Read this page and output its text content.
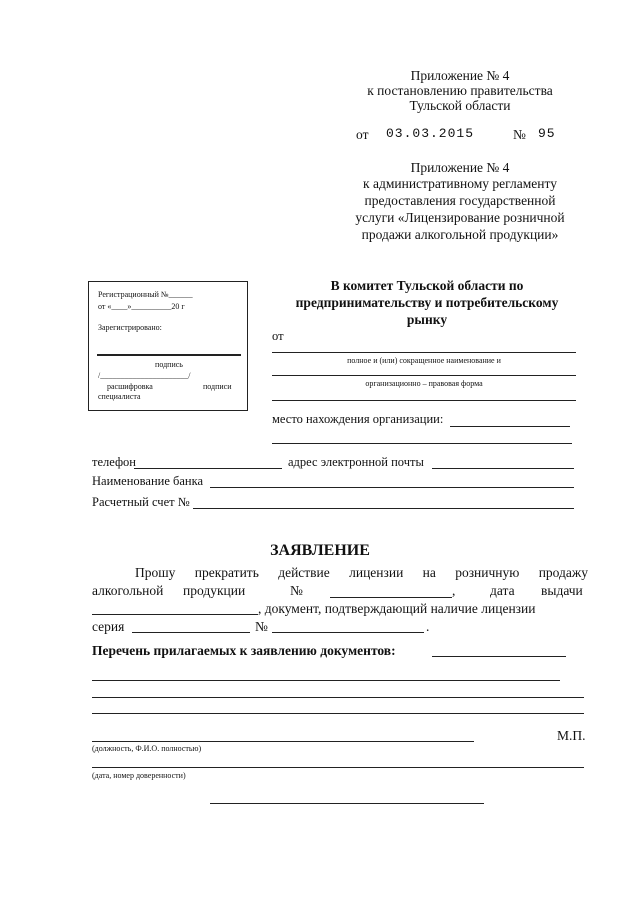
Приложение № 4
к постановлению правительства
Тульской области
от 03.03.2015	№ 95
Приложение № 4
к административному регламенту
предоставления государственной
услуги «Лицензирование розничной
продажи алкогольной продукции»
Регистрационный №______
от «____»__________20 г
Зарегистрировано:
подпись
/______________________/
расшифровка	подписи
специалиста
В комитет Тульской области по
предпринимательству и потребительскому
рынку
от
полное и (или) сокращенное наименование и
организационно – правовая форма
место нахождения организации:
телефон	адрес электронной почты
Наименование банка
Расчетный счет №
ЗАЯВЛЕНИЕ
Прошу прекратить действие лицензии на розничную продажу
алкогольной продукции	№	,	дата выдачи
, документ, подтверждающий наличие лицензии
серия	№	.
Перечень прилагаемых к заявлению документов:
М.П.
(должность, Ф.И.О. полностью)
(дата, номер доверенности)
